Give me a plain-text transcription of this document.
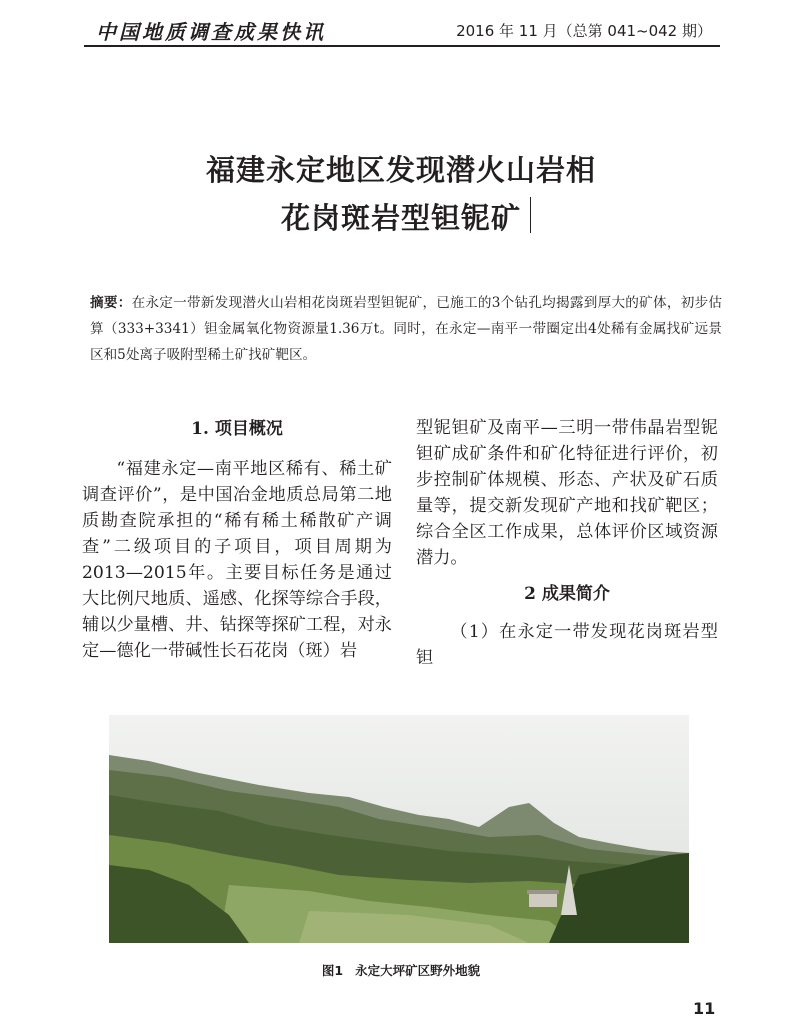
中国地质调查成果快讯	2016 年 11 月（总第 041~042 期）
福建永定地区发现潜火山岩相
花岗斑岩型钽铌矿
摘要：在永定一带新发现潜火山岩相花岗斑岩型钽铌矿，已施工的3个钻孔均揭露到厚大的矿体，初步估算（333+3341）钽金属氧化物资源量1.36万t。同时，在永定—南平一带圈定出4处稀有金属找矿远景区和5处离子吸附型稀土矿找矿靶区。

1. 项目概况

“福建永定—南平地区稀有、稀土矿调查评价”，是中国冶金地质总局第二地质勘查院承担的“稀有稀土稀散矿产调查”二级项目的子项目，项目周期为2013—2015年。主要目标任务是通过大比例尺地质、遥感、化探等综合手段，辅以少量槽、井、钻探等探矿工程，对永定—德化一带碱性长石花岗（斑）岩

型铌钽矿及南平—三明一带伟晶岩型铌钽矿成矿条件和矿化特征进行评价，初步控制矿体规模、形态、产状及矿石质量等，提交新发现矿产地和找矿靶区；综合全区工作成果，总体评价区域资源潜力。

2 成果简介

（1）在永定一带发现花岗斑岩型钽

图1 永定大坪矿区野外地貌
11
